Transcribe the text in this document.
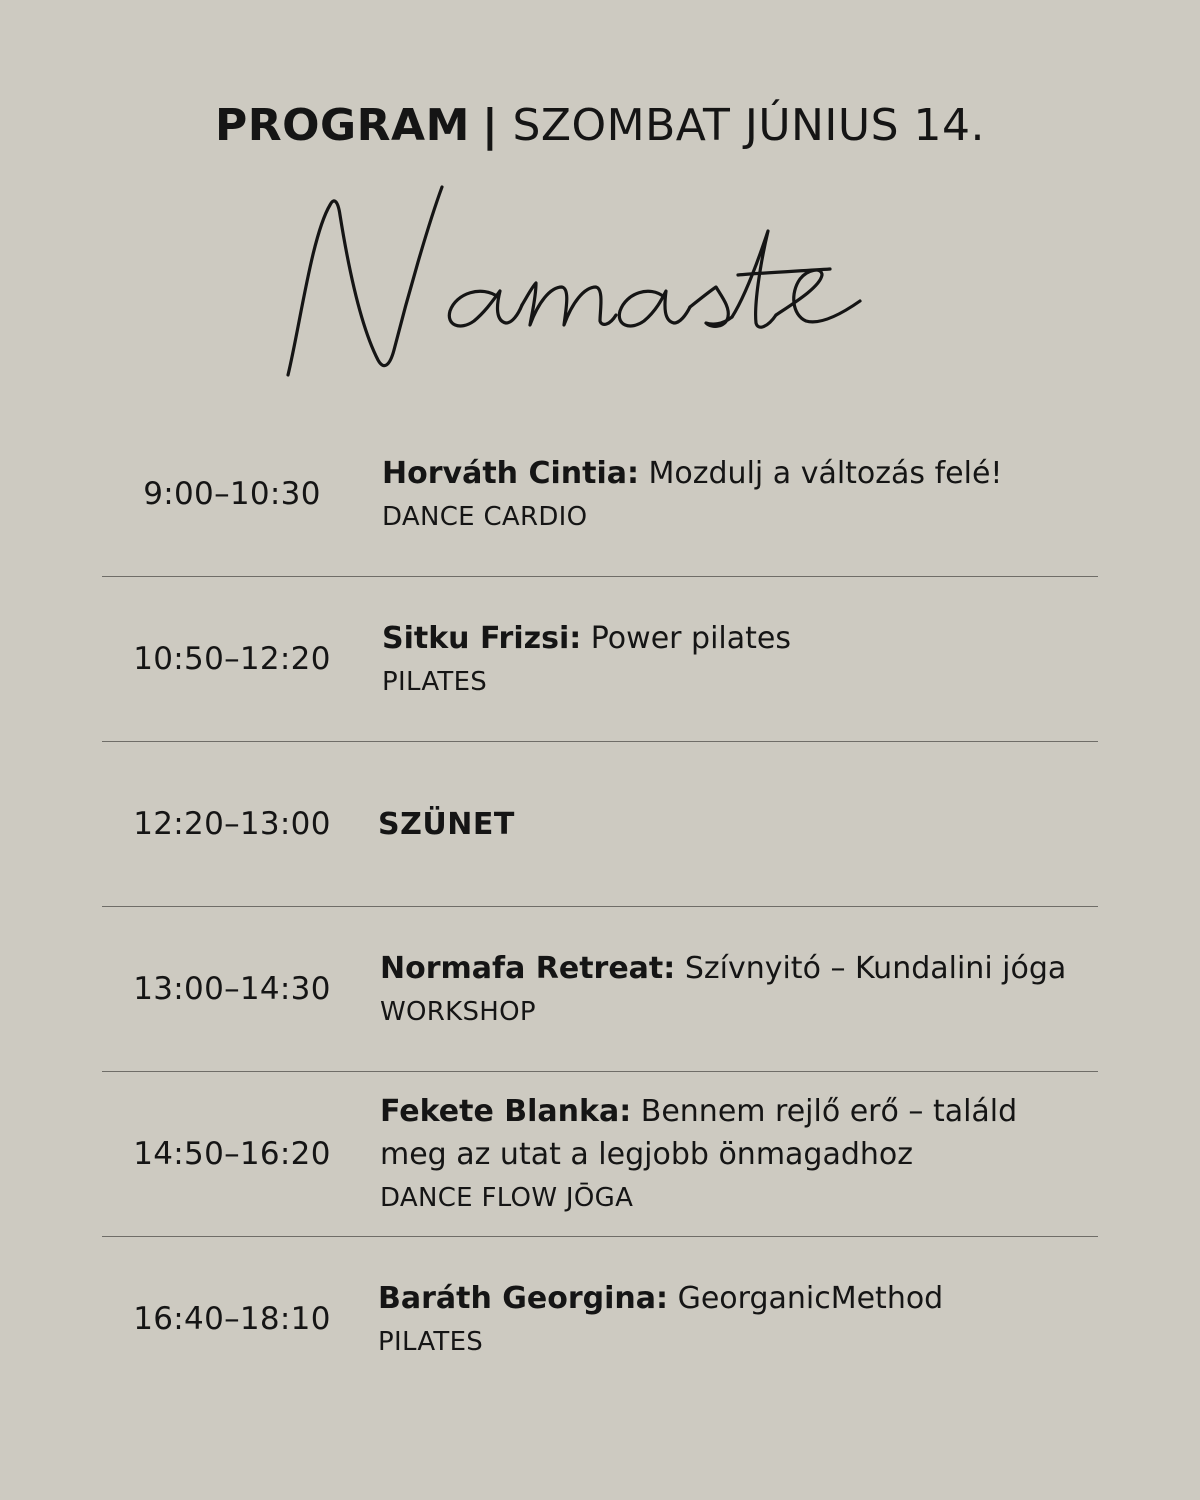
PROGRAM | SZOMBAT JÚNIUS 14.
9:00–10:30
Horváth Cintia: Mozdulj a változás felé!
DANCE CARDIO
10:50–12:20
Sitku Frizsi: Power pilates
PILATES
12:20–13:00	SZÜNET
13:00–14:30
Normafa Retreat: Szívnyitó – Kundalini jóga
WORKSHOP
14:50–16:20
Fekete Blanka: Bennem rejlő erő – találd meg az utat a legjobb önmagadhoz
DANCE FLOW JŌGA
16:40–18:10
Baráth Georgina: GeorganicMethod
PILATES
